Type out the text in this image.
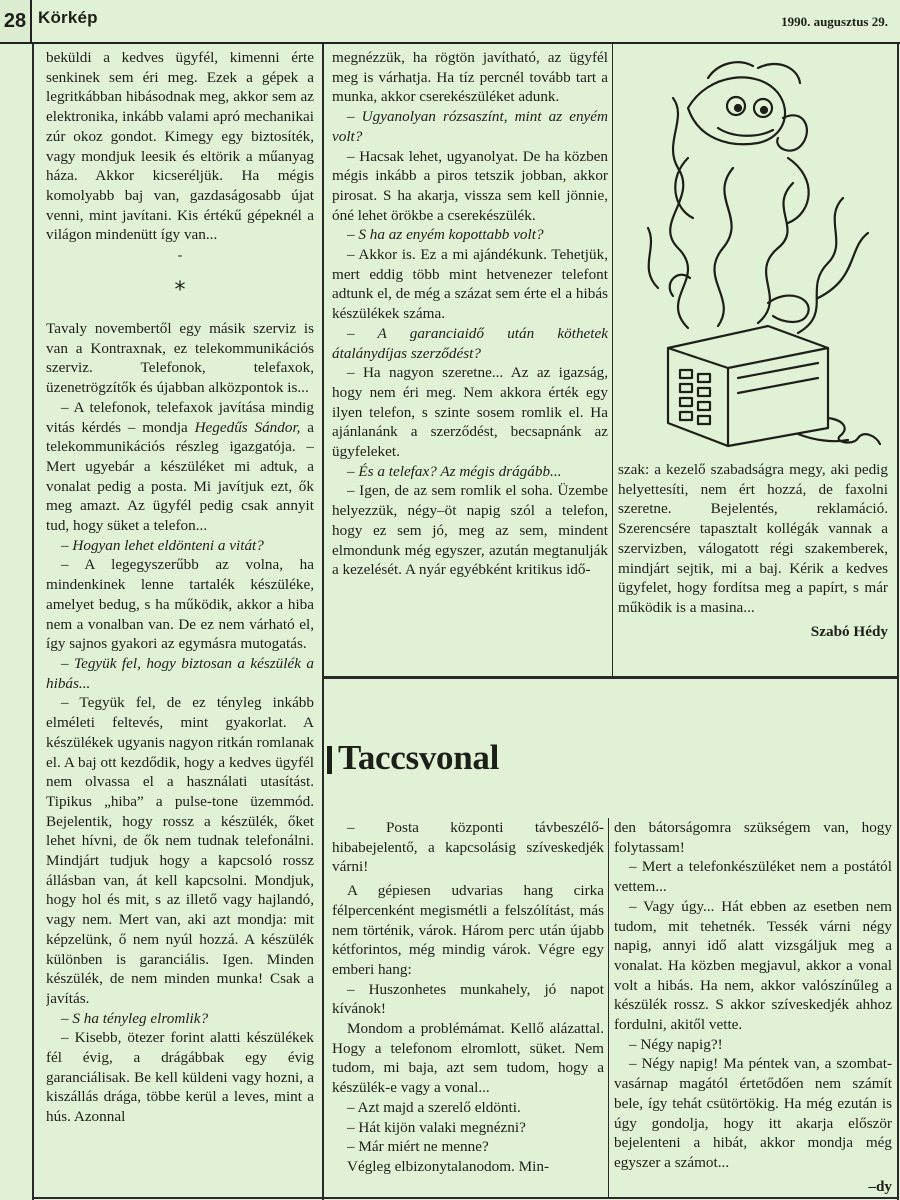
28 Körkép	1990. augusztus 29.

beküldi a kedves ügyfél, kimenni érte senkinek sem éri meg. Ezek a gépek a legritkábban hibásodnak meg, akkor sem az elektronika, inkább valami apró mechanikai zúr okoz gondot. Kimegy egy biztosíték, vagy mondjuk leesik és eltörik a műanyag háza. Akkor kicseréljük. Ha mégis komolyabb baj van, gazdaságosabb újat venni, mint javítani. Kis értékű gépeknél a világon mindenütt így van...

-
*

Tavaly novembertől egy másik szerviz is van a Kontraxnak, ez telekommunikációs szerviz. Telefonok, telefaxok, üzenetrögzítők és újabban alközpontok is...

– A telefonok, telefaxok javítása mindig vitás kérdés – mondja Hegedűs Sándor, a telekommunikációs részleg igazgatója. – Mert ugyebár a készüléket mi adtuk, a vonalat pedig a posta. Mi javítjuk ezt, ők meg amazt. Az ügyfél pedig csak annyit tud, hogy süket a telefon...

– Hogyan lehet eldönteni a vitát?

– A legegyszerűbb az volna, ha mindenkinek lenne tartalék készüléke, amelyet bedug, s ha működik, akkor a hiba nem a vonalban van. De ez nem várható el, így sajnos gyakori az egymásra mutogatás.

– Tegyük fel, hogy biztosan a készülék a hibás...

– Tegyük fel, de ez tényleg inkább elméleti feltevés, mint gyakorlat. A készülékek ugyanis nagyon ritkán romlanak el. A baj ott kezdődik, hogy a kedves ügyfél nem olvassa el a használati utasítást. Tipikus „hiba” a pulse-tone üzemmód. Bejelentik, hogy rossz a készülék, őket lehet hívni, de ők nem tudnak telefonálni. Mindjárt tudjuk hogy a kapcsoló rossz állásban van, át kell kapcsolni. Mondjuk, hogy hol és mit, s az illető vagy hajlandó, vagy nem. Mert van, aki azt mondja: mit képzelünk, ő nem nyúl hozzá. A készülék különben is garanciális. Igen. Minden készülék, de nem minden munka! Csak a javítás.

– S ha tényleg elromlik?

– Kisebb, ötezer forint alatti készülékek fél évig, a drágábbak egy évig garanciálisak. Be kell küldeni vagy hozni, a kiszállás drága, többe kerül a leves, mint a hús. Azonnal

megnézzük, ha rögtön javítható, az ügyfél meg is várhatja. Ha tíz percnél tovább tart a munka, akkor cserekészüléket adunk.

– Ugyanolyan rózsaszínt, mint az enyém volt?

– Hacsak lehet, ugyanolyat. De ha közben mégis inkább a piros tetszik jobban, akkor pirosat. S ha akarja, vissza sem kell jönnie, óné lehet örökbe a cserekészülék.

– S ha az enyém kopottabb volt?

– Akkor is. Ez a mi ajándékunk. Tehetjük, mert eddig több mint hetvenezer telefont adtunk el, de még a százat sem érte el a hibás készülékek száma.

– A garanciaidő után köthetek átalánydíjas szerződést?

– Ha nagyon szeretne... Az az igazság, hogy nem éri meg. Nem akkora érték egy ilyen telefon, s szinte sosem romlik el. Ha ajánlanánk a szerződést, becsapnánk az ügyfeleket.

– És a telefax? Az mégis drágább...

– Igen, de az sem romlik el soha. Üzembe helyezzük, négy–öt napig szól a telefon, hogy ez sem jó, meg az sem, mindent elmondunk még egyszer, azután megtanulják a kezelését. A nyár egyébként kritikus idő-

szak: a kezelő szabadságra megy, aki pedig helyettesíti, nem ért hozzá, de faxolni szeretne. Bejelentés, reklamáció. Szerencsére tapasztalt kollégák vannak a szervizben, válogatott régi szakemberek, mindjárt sejtik, mi a baj. Kérik a kedves ügyfelet, hogy fordítsa meg a papírt, s már működik is a masina...

Szabó Hédy

Taccsvonal

– Posta központi távbeszélő-hibabejelentő, a kapcsolásig szíveskedjék várni!

A gépiesen udvarias hang cirka félpercenként megismétli a felszólítást, más nem történik, várok. Három perc után újabb kétforintos, még mindig várok. Végre egy emberi hang:

– Huszonhetes munkahely, jó napot kívánok!

Mondom a problémámat. Kellő alázattal. Hogy a telefonom elromlott, süket. Nem tudom, mi baja, azt sem tudom, hogy a készülék-e vagy a vonal...

– Azt majd a szerelő eldönti.

– Hát kijön valaki megnézni?

– Már miért ne menne?

Végleg elbizonytalanodom. Min-

den bátorságomra szükségem van, hogy folytassam!

– Mert a telefonkészüléket nem a postától vettem...

– Vagy úgy... Hát ebben az esetben nem tudom, mit tehetnék. Tessék várni négy napig, annyi idő alatt vizsgáljuk meg a vonalat. Ha közben megjavul, akkor a vonal volt a hibás. Ha nem, akkor valószínűleg a készülék rossz. S akkor szíveskedjék ahhoz fordulni, akitől vette.

– Négy napig?!

– Négy napig! Ma péntek van, a szombat-vasárnap magától értetődően nem számít bele, így tehát csütörtökig. Ha még ezután is úgy gondolja, hogy itt akarja először bejelenteni a hibát, akkor mondja még egyszer a számot...

–dy
